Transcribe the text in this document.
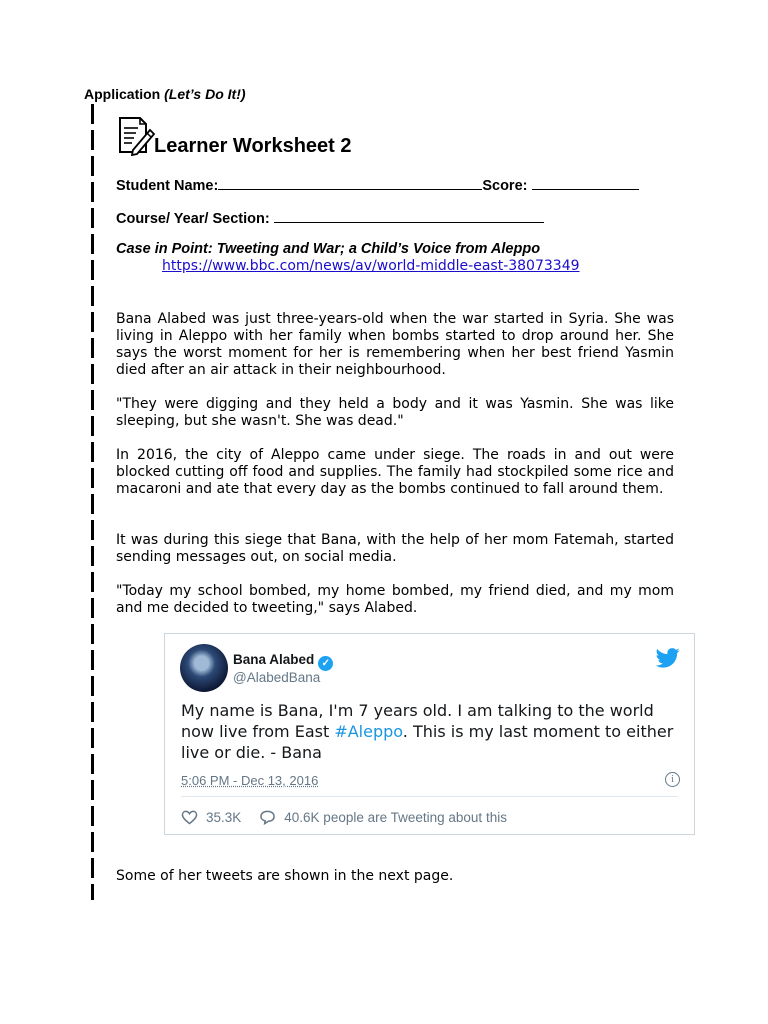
Application (Let’s Do It!)
Learner Worksheet 2
Student Name:	Score:
Course/ Year/ Section:
Case in Point: Tweeting and War; a Child’s Voice from Aleppo
https://www.bbc.com/news/av/world-middle-east-38073349

Bana Alabed was just three-years-old when the war started in Syria. She was living in Aleppo with her family when bombs started to drop around her. She says the worst moment for her is remembering when her best friend Yasmin died after an air attack in their neighbourhood.

"They were digging and they held a body and it was Yasmin. She was like sleeping, but she wasn't. She was dead."

In 2016, the city of Aleppo came under siege. The roads in and out were blocked cutting off food and supplies. The family had stockpiled some rice and macaroni and ate that every day as the bombs continued to fall around them.

It was during this siege that Bana, with the help of her mom Fatemah, started sending messages out, on social media.

"Today my school bombed, my home bombed, my friend died, and my mom and me decided to tweeting," says Alabed.

Bana Alabed ✓
@AlabedBana
My name is Bana, I'm 7 years old. I am talking to the world now live from East #Aleppo. This is my last moment to either live or die. - Bana
5:06 PM - Dec 13, 2016	i
35.3K	40.6K people are Tweeting about this
Some of her tweets are shown in the next page.
